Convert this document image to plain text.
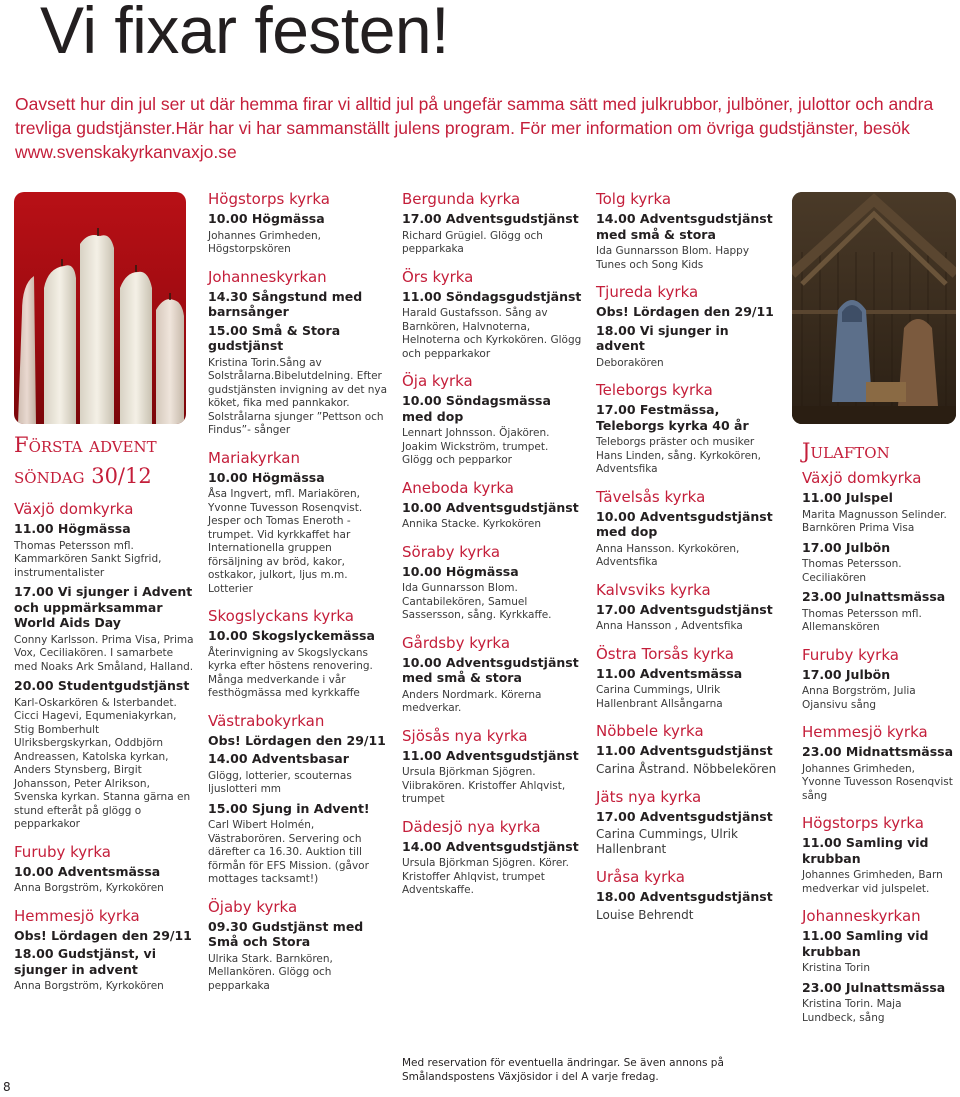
Vi fixar festen!

Oavsett hur din jul ser ut där hemma firar vi alltid jul på ungefär samma sätt med julkrubbor, julböner, julottor och andra trevliga gudstjänster.Här har vi har sammanställt julens program. För mer information om övriga gudstjänster, besök www.svenskakyrkanvaxjo.se

Första advent
söndag 30/12
Växjö domkyrka
11.00 Högmässa
Thomas Petersson mfl. Kammarkören Sankt Sigfrid, instrumentalister
17.00 Vi sjunger i Advent och uppmärksammar World Aids Day
Conny Karlsson. Prima Visa, Prima Vox, Ceciliakören. I samarbete med Noaks Ark Småland, Halland.
20.00 Studentgudstjänst
Karl-Oskarkören & Isterbandet. Cicci Hagevi, Equmeniakyrkan, Stig Bomberhult Ulriksbergskyrkan, Oddbjörn Andreassen, Katolska kyrkan, Anders Stynsberg, Birgit Johansson, Peter Alrikson, Svenska kyrkan. Stanna gärna en stund efteråt på glögg o pepparkakor
Furuby kyrka
10.00 Adventsmässa
Anna Borgström, Kyrkokören
Hemmesjö kyrka
Obs! Lördagen den 29/11
18.00 Gudstjänst, vi sjunger in advent
Anna Borgström, Kyrkokören
Högstorps kyrka
10.00 Högmässa
Johannes Grimheden, Högstorpskören
Johanneskyrkan
14.30 Sångstund med barnsånger
15.00 Små & Stora gudstjänst
Kristina Torin.Sång av Solstrålarna.Bibelutdelning. Efter gudstjänsten invigning av det nya köket, fika med pannkakor. Solstrålarna sjunger ”Pettson och Findus”- sånger
Mariakyrkan
10.00 Högmässa
Åsa Ingvert, mfl. Mariakören, Yvonne Tuvesson Rosenqvist. Jesper och Tomas Eneroth - trumpet. Vid kyrkkaffet har Internationella gruppen försäljning av bröd, kakor, ostkakor, julkort, ljus m.m. Lotterier
Skogslyckans kyrka
10.00 Skogslyckemässa
Återinvigning av Skogslyckans kyrka efter höstens renovering. Många medverkande i vår festhögmässa med kyrkkaffe
Västrabokyrkan
Obs! Lördagen den 29/11
14.00 Adventsbasar
Glögg, lotterier, scouternas ljuslotteri mm
15.00 Sjung in Advent!
Carl Wibert Holmén, Västraborören. Servering och därefter ca 16.30. Auktion till förmån för EFS Mission. (gåvor mottages tacksamt!)
Öjaby kyrka
09.30 Gudstjänst med Små och Stora
Ulrika Stark. Barnkören, Mellankören. Glögg och pepparkaka
Bergunda kyrka
17.00 Adventsgudstjänst
Richard Grügiel. Glögg och pepparkaka
Örs kyrka
11.00 Söndagsgudstjänst
Harald Gustafsson. Sång av Barnkören, Halvnoterna, Helnoterna och Kyrkokören. Glögg och pepparkakor
Öja kyrka
10.00 Söndagsmässa med dop
Lennart Johnsson. Öjakören. Joakim Wickström, trumpet. Glögg och pepparkor
Aneboda kyrka
10.00 Adventsgudstjänst
Annika Stacke. Kyrkokören
Söraby kyrka
10.00 Högmässa
Ida Gunnarsson Blom. Cantabilekören, Samuel Sassersson, sång. Kyrkkaffe.
Gårdsby kyrka
10.00 Adventsgudstjänst med små & stora
Anders Nordmark. Körerna medverkar.
Sjösås nya kyrka
11.00 Adventsgudstjänst
Ursula Björkman Sjögren. Viibrakören. Kristoffer Ahlqvist, trumpet
Dädesjö nya kyrka
14.00 Adventsgudstjänst
Ursula Björkman Sjögren. Körer. Kristoffer Ahlqvist, trumpet Adventskaffe.
Tolg kyrka
14.00 Adventsgudstjänst med små & stora
Ida Gunnarsson Blom. Happy Tunes och Song Kids
Tjureda kyrka
Obs! Lördagen den 29/11
18.00 Vi sjunger in advent
Deborakören
Teleborgs kyrka
17.00 Festmässa, Teleborgs kyrka 40 år
Teleborgs präster och musiker Hans Linden, sång. Kyrkokören, Adventsfika
Tävelsås kyrka
10.00 Adventsgudstjänst med dop
Anna Hansson. Kyrkokören, Adventsfika
Kalvsviks kyrka
17.00 Adventsgudstjänst
Anna Hansson , Adventsfika
Östra Torsås kyrka
11.00 Adventsmässa
Carina Cummings, Ulrik Hallenbrant Allsångarna
Nöbbele kyrka
11.00 Adventsgudstjänst
Carina Åstrand. Nöbbelekören
Jäts nya kyrka
17.00 Adventsgudstjänst
Carina Cummings, Ulrik Hallenbrant
Uråsa kyrka
18.00 Adventsgudstjänst
Louise Behrendt
Julafton
Växjö domkyrka
11.00 Julspel
Marita Magnusson Selinder. Barnkören Prima Visa
17.00 Julbön
Thomas Petersson. Ceciliakören
23.00 Julnattsmässa
Thomas Petersson mfl. Allemanskören
Furuby kyrka
17.00 Julbön
Anna Borgström, Julia Ojansivu sång
Hemmesjö kyrka
23.00 Midnattsmässa
Johannes Grimheden, Yvonne Tuvesson Rosenqvist sång
Högstorps kyrka
11.00 Samling vid krubban
Johannes Grimheden, Barn medverkar vid julspelet.
Johanneskyrkan
11.00 Samling vid krubban
Kristina Torin
23.00 Julnattsmässa
Kristina Torin. Maja Lundbeck, sång
Med reservation för eventuella ändringar. Se även annons på Smålandspostens Växjösidor i del A varje fredag.
8
